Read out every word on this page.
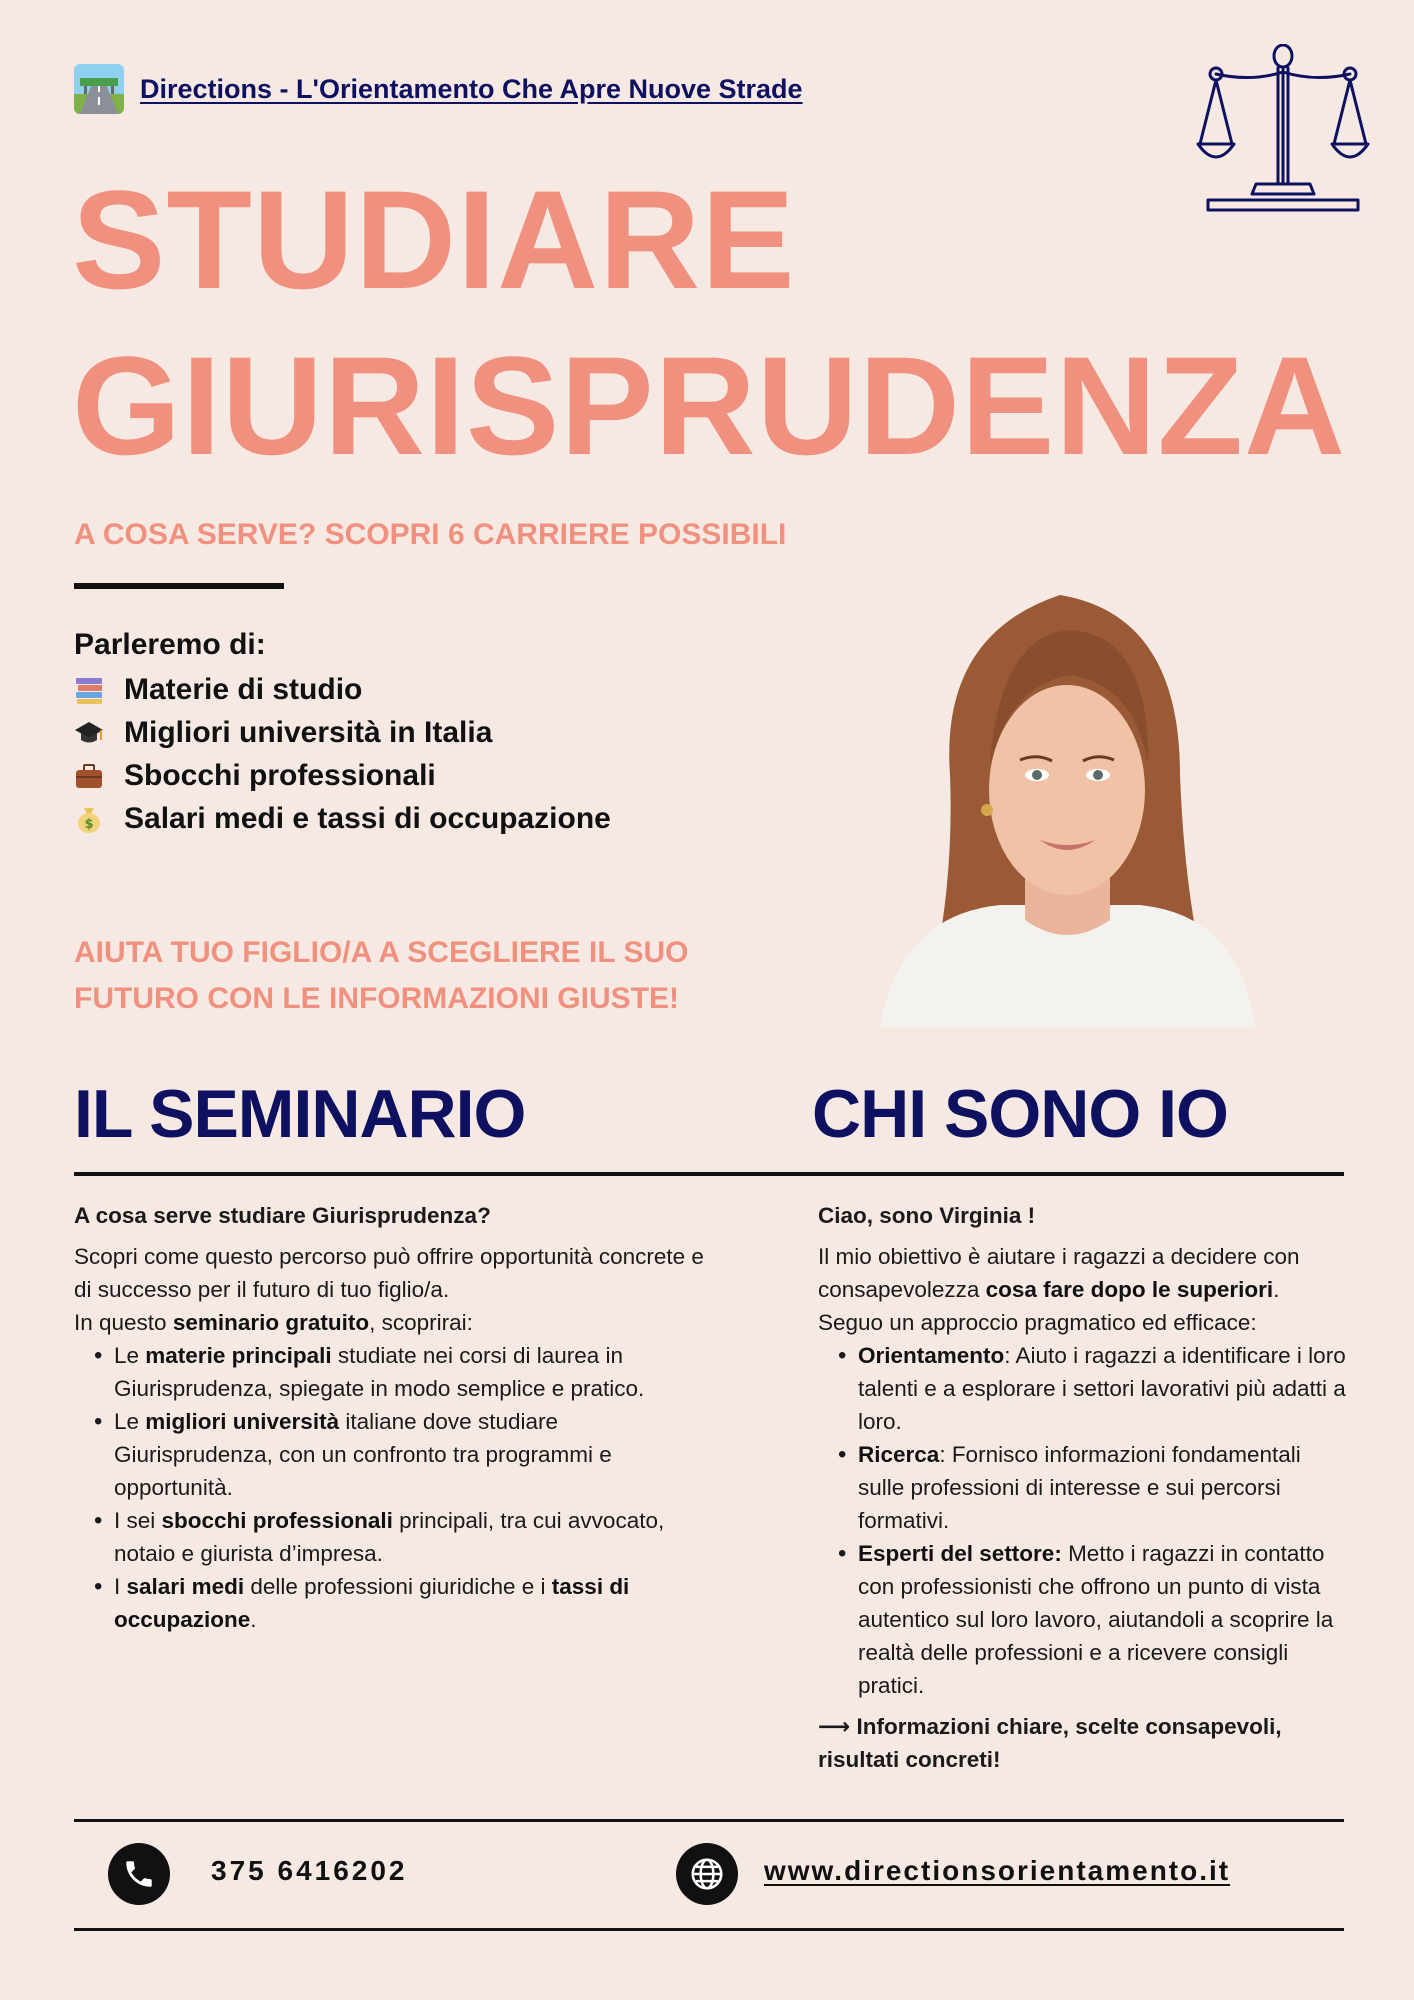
Directions - L'Orientamento Che Apre Nuove Strade
STUDIARE
GIURISPRUDENZA
A COSA SERVE? SCOPRI 6 CARRIERE POSSIBILI
Parleremo di:
Materie di studio
Migliori università in Italia
Sbocchi professionali
$ Salari medi e tassi di occupazione
AIUTA TUO FIGLIO/A A SCEGLIERE IL SUO
FUTURO CON LE INFORMAZIONI GIUSTE!
IL SEMINARIO	CHI SONO IO
A cosa serve studiare Giurisprudenza?
Scopri come questo percorso può offrire opportunità concrete e di successo per il futuro di tuo figlio/a.
In questo seminario gratuito, scoprirai:
• Le materie principali studiate nei corsi di laurea in Giurisprudenza, spiegate in modo semplice e pratico.
• Le migliori università italiane dove studiare Giurisprudenza, con un confronto tra programmi e opportunità.
• I sei sbocchi professionali principali, tra cui avvocato, notaio e giurista d’impresa.
• I salari medi delle professioni giuridiche e i tassi di occupazione.
Ciao, sono Virginia !
Il mio obiettivo è aiutare i ragazzi a decidere con consapevolezza cosa fare dopo le superiori.
Seguo un approccio pragmatico ed efficace:
• Orientamento: Aiuto i ragazzi a identificare i loro talenti e a esplorare i settori lavorativi più adatti a loro.
• Ricerca: Fornisco informazioni fondamentali sulle professioni di interesse e sui percorsi formativi.
• Esperti del settore: Metto i ragazzi in contatto con professionisti che offrono un punto di vista autentico sul loro lavoro, aiutandoli a scoprire la realtà delle professioni e a ricevere consigli pratici.
⟶ Informazioni chiare, scelte consapevoli, risultati concreti!
375 6416202	www.directionsorientamento.it
